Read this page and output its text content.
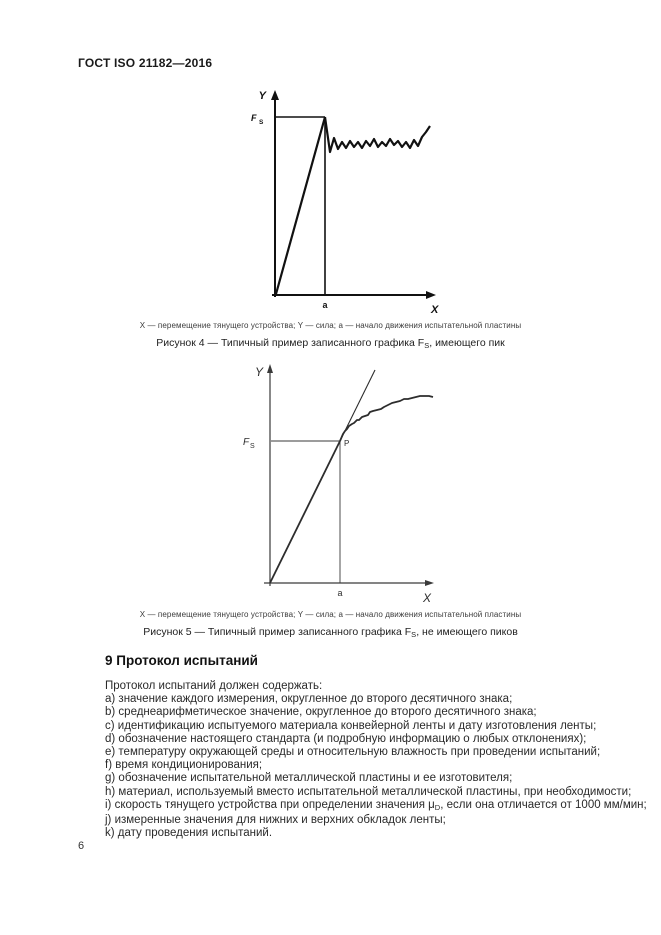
ГОСТ ISO 21182—2016
Y
X
F S
a
X — перемещение тянущего устройства; Y — сила; a — начало движения испытательной пластины
Рисунок 4 — Типичный пример записанного графика $F_S$, имеющего пик
Y
X
F S	P
a
X — перемещение тянущего устройства; Y — сила; a — начало движения испытательной пластины
Рисунок 5 — Типичный пример записанного графика $F_S$, не имеющего пиков
9 Протокол испытаний
Протокол испытаний должен содержать:
a) значение каждого измерения, округленное до второго десятичного знака;
b) среднеарифметическое значение, округленное до второго десятичного знака;
c) идентификацию испытуемого материала конвейерной ленты и дату изготовления ленты;
d) обозначение настоящего стандарта (и подробную информацию о любых отклонениях);
e) температуру окружающей среды и относительную влажность при проведении испытаний;
f) время кондиционирования;
g) обозначение испытательной металлической пластины и ее изготовителя;
h) материал, используемый вместо испытательной металлической пластины, при необходимости;
i) скорость тянущего устройства при определении значения $\mu_D$, если она отличается от 1000 мм/мин;
j) измеренные значения для нижних и верхних обкладок ленты;
k) дату проведения испытаний.
6
